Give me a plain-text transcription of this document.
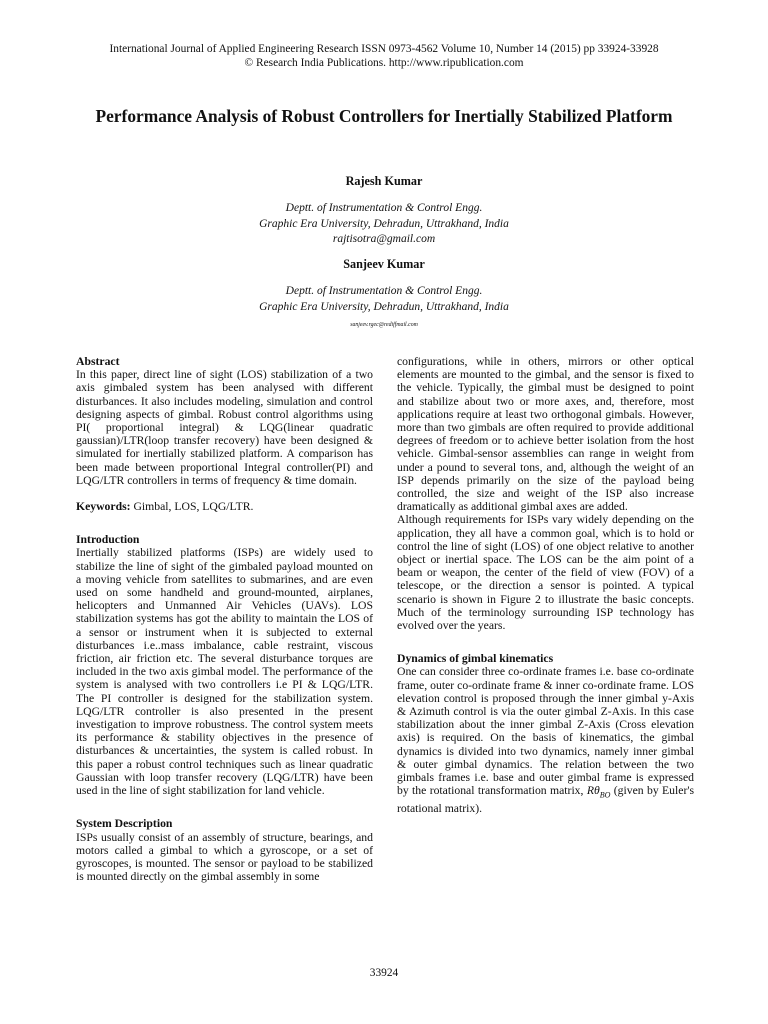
International Journal of Applied Engineering Research ISSN 0973-4562 Volume 10, Number 14 (2015) pp 33924-33928
© Research India Publications. http://www.ripublication.com
Performance Analysis of Robust Controllers for Inertially Stabilized Platform
Rajesh Kumar
Deptt. of Instrumentation & Control Engg.
Graphic Era University, Dehradun, Uttrakhand, India
rajtisotra@gmail.com
Sanjeev Kumar
Deptt. of Instrumentation & Control Engg.
Graphic Era University, Dehradun, Uttrakhand, India
sanjeev.rgec@rediffmail.com

Abstract

In this paper, direct line of sight (LOS) stabilization of a two axis gimbaled system has been analysed with different disturbances. It also includes modeling, simulation and control designing aspects of gimbal. Robust control algorithms using PI( proportional integral) & LQG(linear quadratic gaussian)/LTR(loop transfer recovery) have been designed & simulated for inertially stabilized platform. A comparison has been made between proportional Integral controller(PI) and LQG/LTR controllers in terms of frequency & time domain.

Keywords: Gimbal, LOS, LQG/LTR.

Introduction

Inertially stabilized platforms (ISPs) are widely used to stabilize the line of sight of the gimbaled payload mounted on a moving vehicle from satellites to submarines, and are even used on some handheld and ground-mounted, airplanes, helicopters and Unmanned Air Vehicles (UAVs). LOS stabilization systems has got the ability to maintain the LOS of a sensor or instrument when it is subjected to external disturbances i.e..mass imbalance, cable restraint, viscous friction, air friction etc. The several disturbance torques are included in the two axis gimbal model. The performance of the system is analysed with two controllers i.e PI & LQG/LTR. The PI controller is designed for the stabilization system. LQG/LTR controller is also presented in the present investigation to improve robustness. The control system meets its performance & stability objectives in the presence of disturbances & uncertainties, the system is called robust. In this paper a robust control techniques such as linear quadratic Gaussian with loop transfer recovery (LQG/LTR) have been used in the line of sight stabilization for land vehicle.

System Description

ISPs usually consist of an assembly of structure, bearings, and motors called a gimbal to which a gyroscope, or a set of gyroscopes, is mounted. The sensor or payload to be stabilized is mounted directly on the gimbal assembly in some

configurations, while in others, mirrors or other optical elements are mounted to the gimbal, and the sensor is fixed to the vehicle. Typically, the gimbal must be designed to point and stabilize about two or more axes, and, therefore, most applications require at least two orthogonal gimbals. However, more than two gimbals are often required to provide additional degrees of freedom or to achieve better isolation from the host vehicle. Gimbal-sensor assemblies can range in weight from under a pound to several tons, and, although the weight of an ISP depends primarily on the size of the payload being controlled, the size and weight of the ISP also increase dramatically as additional gimbal axes are added.

Although requirements for ISPs vary widely depending on the application, they all have a common goal, which is to hold or control the line of sight (LOS) of one object relative to another object or inertial space. The LOS can be the aim point of a beam or weapon, the center of the field of view (FOV) of a telescope, or the direction a sensor is pointed. A typical scenario is shown in Figure 2 to illustrate the basic concepts. Much of the terminology surrounding ISP technology has evolved over the years.

Dynamics of gimbal kinematics

One can consider three co-ordinate frames i.e. base co-ordinate frame, outer co-ordinate frame & inner co-ordinate frame. LOS elevation control is proposed through the inner gimbal y-Axis & Azimuth control is via the outer gimbal Z-Axis. In this case stabilization about the inner gimbal Z-Axis (Cross elevation axis) is required. On the basis of kinematics, the gimbal dynamics is divided into two dynamics, namely inner gimbal & outer gimbal dynamics. The relation between the two gimbals frames i.e. base and outer gimbal frame is expressed by the rotational transformation matrix, $R\theta_{BO}$ (given by Euler's rotational matrix).

33924
